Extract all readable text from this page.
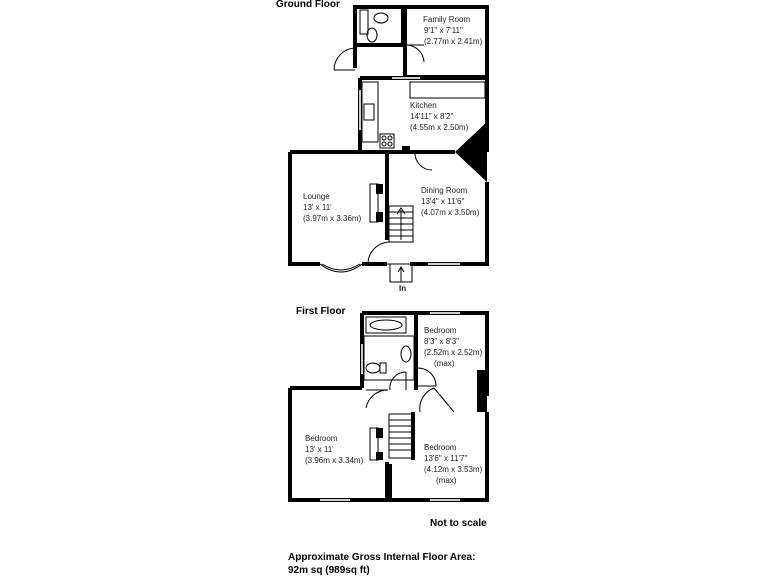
Ground Floor
In
Family Room
9'1" x 7'11"
(2.77m x 2.41m)
Kitchen
14'11" x 8'2"
(4.55m x 2.50m)
Lounge
13' x 11'
(3.97m x 3.36m)
Dining Room
13'4" x 11'6"
(4.07m x 3.50m)
First Floor
Bedroom
8'3" x 8'3"
(2.52m x 2.52m)
(max)
Bedroom
13' x 11'
(3.96m x 3.34m)
Bedroom
13'6" x 11'7"
(4.12m x 3.53m)
(max)
Not to scale
Approximate Gross Internal Floor Area:
92m sq (989sq ft)
